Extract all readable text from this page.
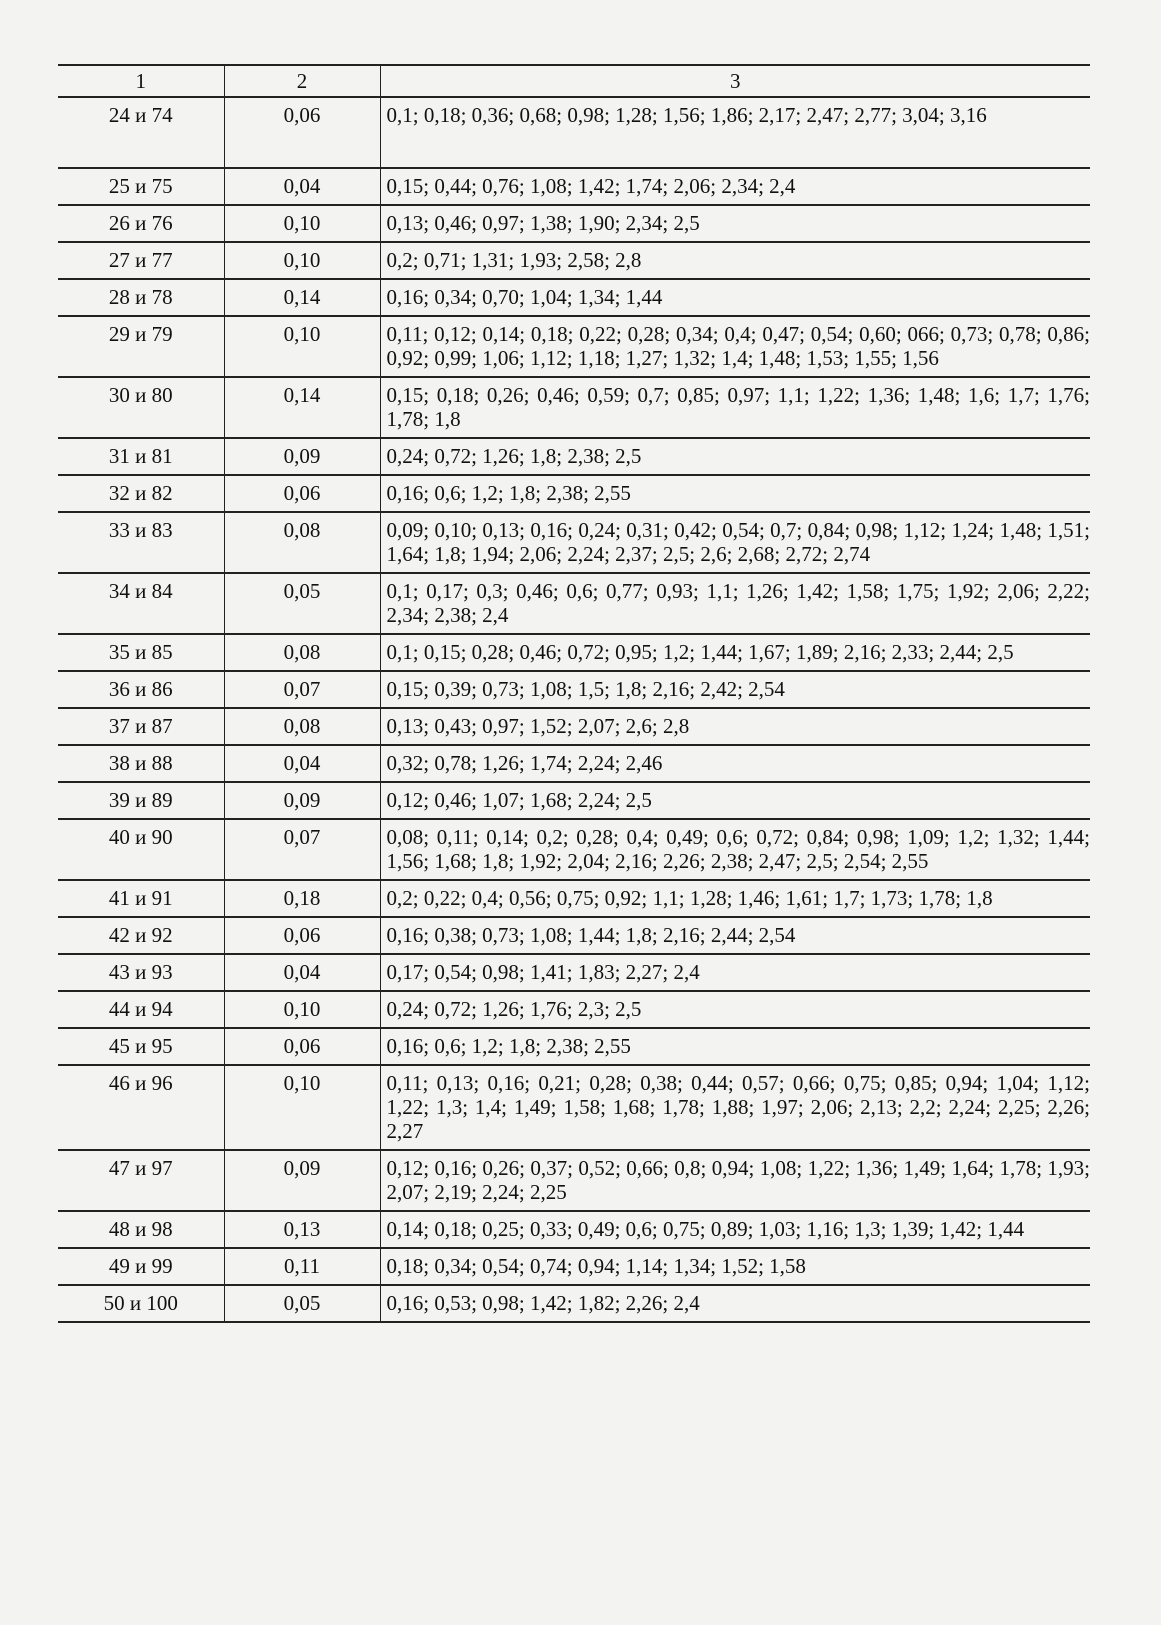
1	2	3
24 и 74	0,06	0,1; 0,18; 0,36; 0,68; 0,98; 1,28; 1,56; 1,86; 2,17; 2,47; 2,77; 3,04; 3,16
25 и 75	0,04	0,15; 0,44; 0,76; 1,08; 1,42; 1,74; 2,06; 2,34; 2,4
26 и 76	0,10	0,13; 0,46; 0,97; 1,38; 1,90; 2,34; 2,5
27 и 77	0,10	0,2; 0,71; 1,31; 1,93; 2,58; 2,8
28 и 78	0,14	0,16; 0,34; 0,70; 1,04; 1,34; 1,44
29 и 79	0,10	0,11; 0,12; 0,14; 0,18; 0,22; 0,28; 0,34; 0,4; 0,47; 0,54; 0,60; 066; 0,73; 0,78; 0,86; 0,92; 0,99; 1,06; 1,12; 1,18; 1,27; 1,32; 1,4; 1,48; 1,53; 1,55; 1,56
30 и 80	0,14	0,15; 0,18; 0,26; 0,46; 0,59; 0,7; 0,85; 0,97; 1,1; 1,22; 1,36; 1,48; 1,6; 1,7; 1,76; 1,78; 1,8
31 и 81	0,09	0,24; 0,72; 1,26; 1,8; 2,38; 2,5
32 и 82	0,06	0,16; 0,6; 1,2; 1,8; 2,38; 2,55
33 и 83	0,08	0,09; 0,10; 0,13; 0,16; 0,24; 0,31; 0,42; 0,54; 0,7; 0,84; 0,98; 1,12; 1,24; 1,48; 1,51; 1,64; 1,8; 1,94; 2,06; 2,24; 2,37; 2,5; 2,6; 2,68; 2,72; 2,74
34 и 84	0,05	0,1; 0,17; 0,3; 0,46; 0,6; 0,77; 0,93; 1,1; 1,26; 1,42; 1,58; 1,75; 1,92; 2,06; 2,22; 2,34; 2,38; 2,4
35 и 85	0,08	0,1; 0,15; 0,28; 0,46; 0,72; 0,95; 1,2; 1,44; 1,67; 1,89; 2,16; 2,33; 2,44; 2,5
36 и 86	0,07	0,15; 0,39; 0,73; 1,08; 1,5; 1,8; 2,16; 2,42; 2,54
37 и 87	0,08	0,13; 0,43; 0,97; 1,52; 2,07; 2,6; 2,8
38 и 88	0,04	0,32; 0,78; 1,26; 1,74; 2,24; 2,46
39 и 89	0,09	0,12; 0,46; 1,07; 1,68; 2,24; 2,5
40 и 90	0,07	0,08; 0,11; 0,14; 0,2; 0,28; 0,4; 0,49; 0,6; 0,72; 0,84; 0,98; 1,09; 1,2; 1,32; 1,44; 1,56; 1,68; 1,8; 1,92; 2,04; 2,16; 2,26; 2,38; 2,47; 2,5; 2,54; 2,55
41 и 91	0,18	0,2; 0,22; 0,4; 0,56; 0,75; 0,92; 1,1; 1,28; 1,46; 1,61; 1,7; 1,73; 1,78; 1,8
42 и 92	0,06	0,16; 0,38; 0,73; 1,08; 1,44; 1,8; 2,16; 2,44; 2,54
43 и 93	0,04	0,17; 0,54; 0,98; 1,41; 1,83; 2,27; 2,4
44 и 94	0,10	0,24; 0,72; 1,26; 1,76; 2,3; 2,5
45 и 95	0,06	0,16; 0,6; 1,2; 1,8; 2,38; 2,55
46 и 96	0,10	0,11; 0,13; 0,16; 0,21; 0,28; 0,38; 0,44; 0,57; 0,66; 0,75; 0,85; 0,94; 1,04; 1,12; 1,22; 1,3; 1,4; 1,49; 1,58; 1,68; 1,78; 1,88; 1,97; 2,06; 2,13; 2,2; 2,24; 2,25; 2,26; 2,27
47 и 97	0,09	0,12; 0,16; 0,26; 0,37; 0,52; 0,66; 0,8; 0,94; 1,08; 1,22; 1,36; 1,49; 1,64; 1,78; 1,93; 2,07; 2,19; 2,24; 2,25
48 и 98	0,13	0,14; 0,18; 0,25; 0,33; 0,49; 0,6; 0,75; 0,89; 1,03; 1,16; 1,3; 1,39; 1,42; 1,44
49 и 99	0,11	0,18; 0,34; 0,54; 0,74; 0,94; 1,14; 1,34; 1,52; 1,58
50 и 100	0,05	0,16; 0,53; 0,98; 1,42; 1,82; 2,26; 2,4
